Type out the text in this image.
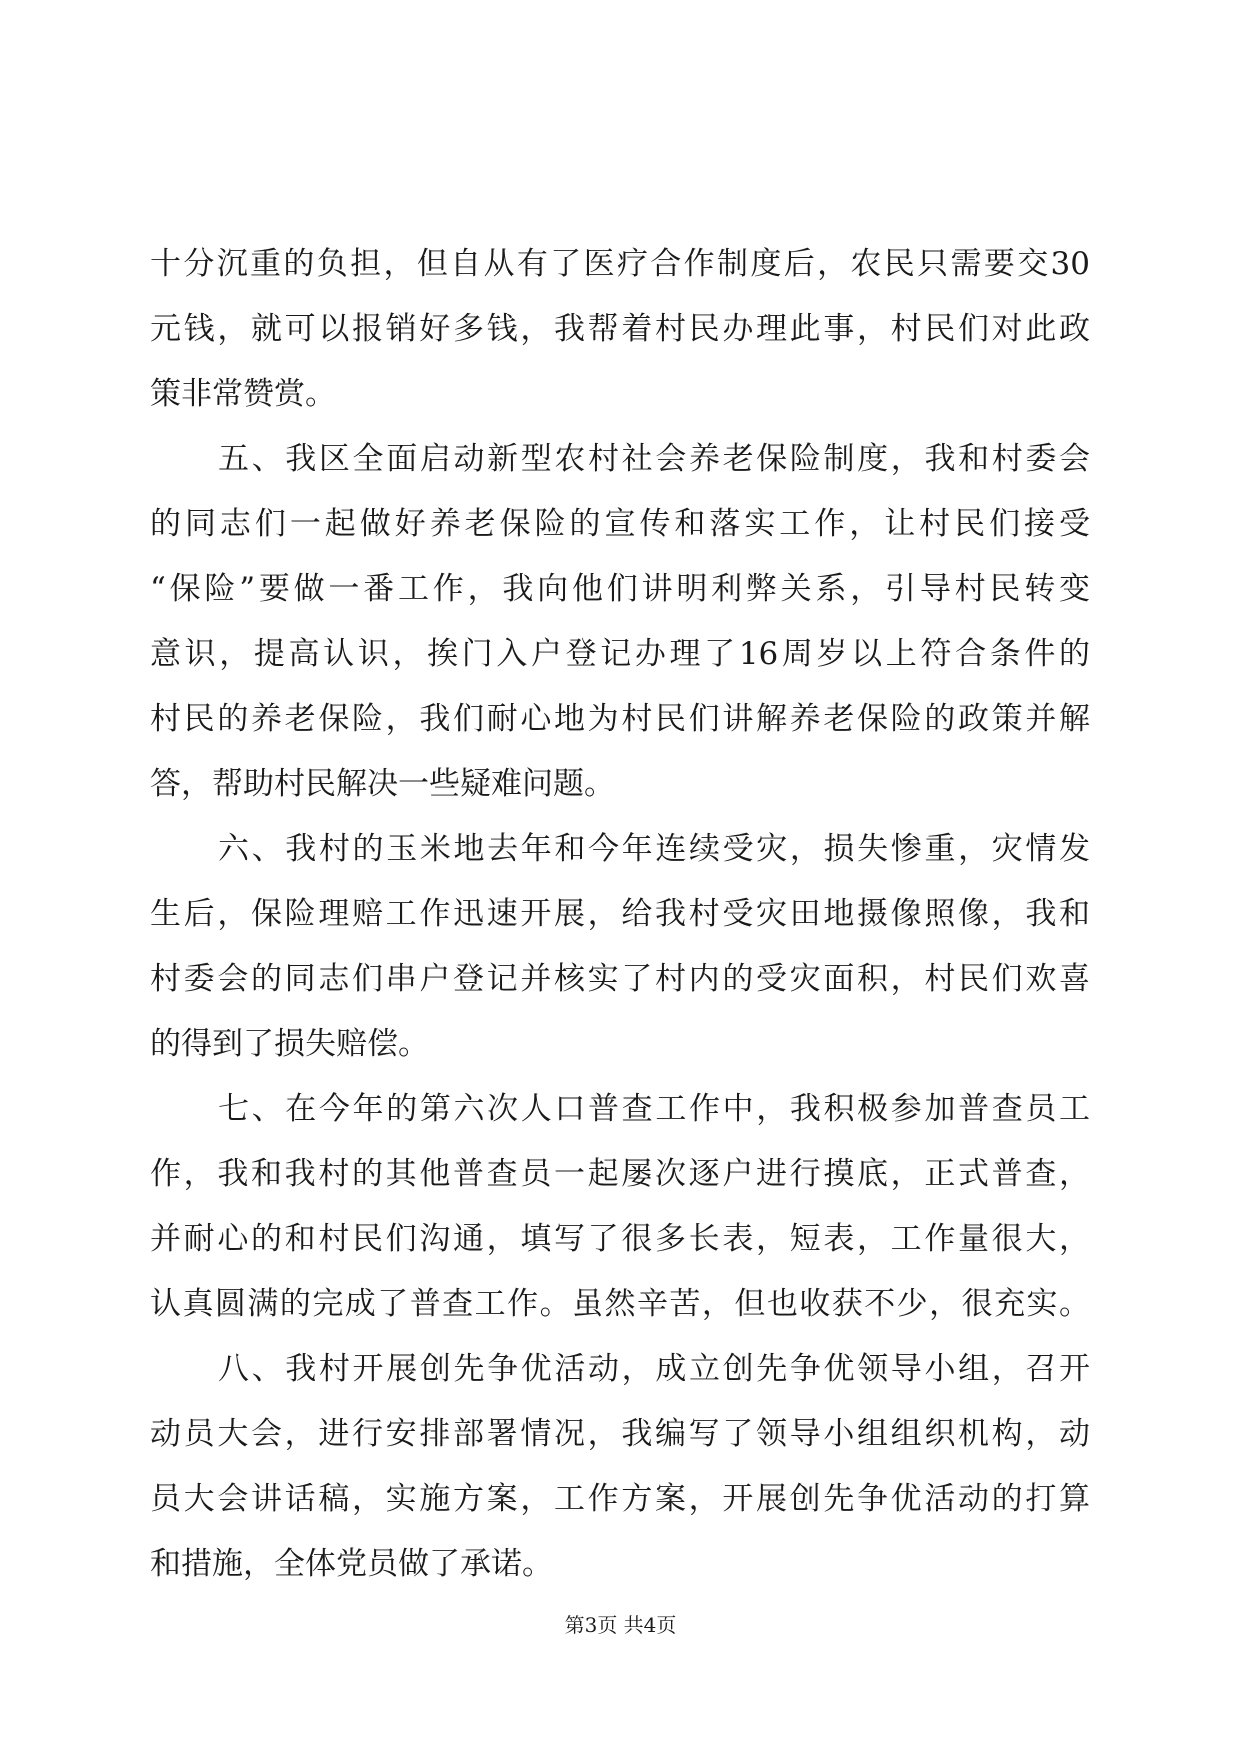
十分沉重的负担，但自从有了医疗合作制度后，农民只需要交30
元钱，就可以报销好多钱，我帮着村民办理此事，村民们对此政
策非常赞赏。
五、我区全面启动新型农村社会养老保险制度，我和村委会
的同志们一起做好养老保险的宣传和落实工作，让村民们接受
“保险”要做一番工作，我向他们讲明利弊关系，引导村民转变
意识，提高认识，挨门入户登记办理了16周岁以上符合条件的
村民的养老保险，我们耐心地为村民们讲解养老保险的政策并解
答，帮助村民解决一些疑难问题。
六、我村的玉米地去年和今年连续受灾，损失惨重，灾情发
生后，保险理赔工作迅速开展，给我村受灾田地摄像照像，我和
村委会的同志们串户登记并核实了村内的受灾面积，村民们欢喜
的得到了损失赔偿。
七、在今年的第六次人口普查工作中，我积极参加普查员工
作，我和我村的其他普查员一起屡次逐户进行摸底，正式普查，
并耐心的和村民们沟通，填写了很多长表，短表，工作量很大，
认真圆满的完成了普查工作。虽然辛苦，但也收获不少，很充实。
八、我村开展创先争优活动，成立创先争优领导小组，召开
动员大会，进行安排部署情况，我编写了领导小组组织机构，动
员大会讲话稿，实施方案，工作方案，开展创先争优活动的打算
和措施，全体党员做了承诺。
第3页 共4页
